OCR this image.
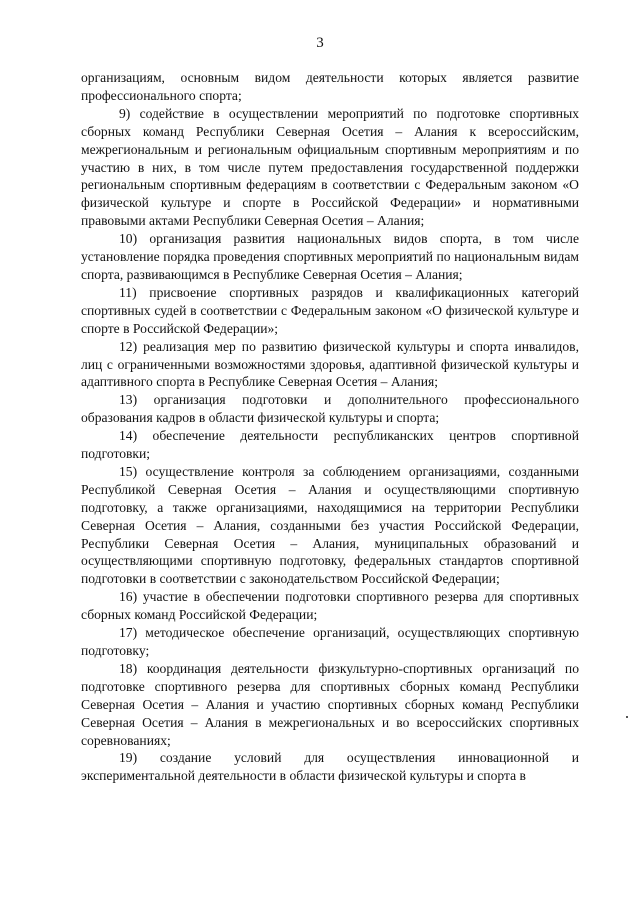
3

организациям, основным видом деятельности которых является развитие профессионального спорта;

9) содействие в осуществлении мероприятий по подготовке спортивных сборных команд Республики Северная Осетия – Алания к всероссийским, межрегиональным и региональным официальным спортивным мероприятиям и по участию в них, в том числе путем предоставления государственной поддержки региональным спортивным федерациям в соответствии с Федеральным законом «О физической культуре и спорте в Российской Федерации» и нормативными правовыми актами Республики Северная Осетия – Алания;

10) организация развития национальных видов спорта, в том числе установление порядка проведения спортивных мероприятий по национальным видам спорта, развивающимся в Республике Северная Осетия – Алания;

11) присвоение спортивных разрядов и квалификационных категорий спортивных судей в соответствии с Федеральным законом «О физической культуре и спорте в Российской Федерации»;

12) реализация мер по развитию физической культуры и спорта инвалидов, лиц с ограниченными возможностями здоровья, адаптивной физической культуры и адаптивного спорта в Республике Северная Осетия – Алания;

13) организация подготовки и дополнительного профессионального образования кадров в области физической культуры и спорта;

14) обеспечение деятельности республиканских центров спортивной подготовки;

15) осуществление контроля за соблюдением организациями, созданными Республикой Северная Осетия – Алания и осуществляющими спортивную подготовку, а также организациями, находящимися на территории Республики Северная Осетия – Алания, созданными без участия Российской Федерации, Республики Северная Осетия – Алания, муниципальных образований и осуществляющими спортивную подготовку, федеральных стандартов спортивной подготовки в соответствии с законодательством Российской Федерации;

16) участие в обеспечении подготовки спортивного резерва для спортивных сборных команд Российской Федерации;

17) методическое обеспечение организаций, осуществляющих спортивную подготовку;

18) координация деятельности физкультурно-спортивных организаций по подготовке спортивного резерва для спортивных сборных команд Республики Северная Осетия – Алания и участию спортивных сборных команд Республики Северная Осетия – Алания в межрегиональных и во всероссийских спортивных соревнованиях;

19) создание условий для осуществления инновационной и экспериментальной деятельности в области физической культуры и спорта в
